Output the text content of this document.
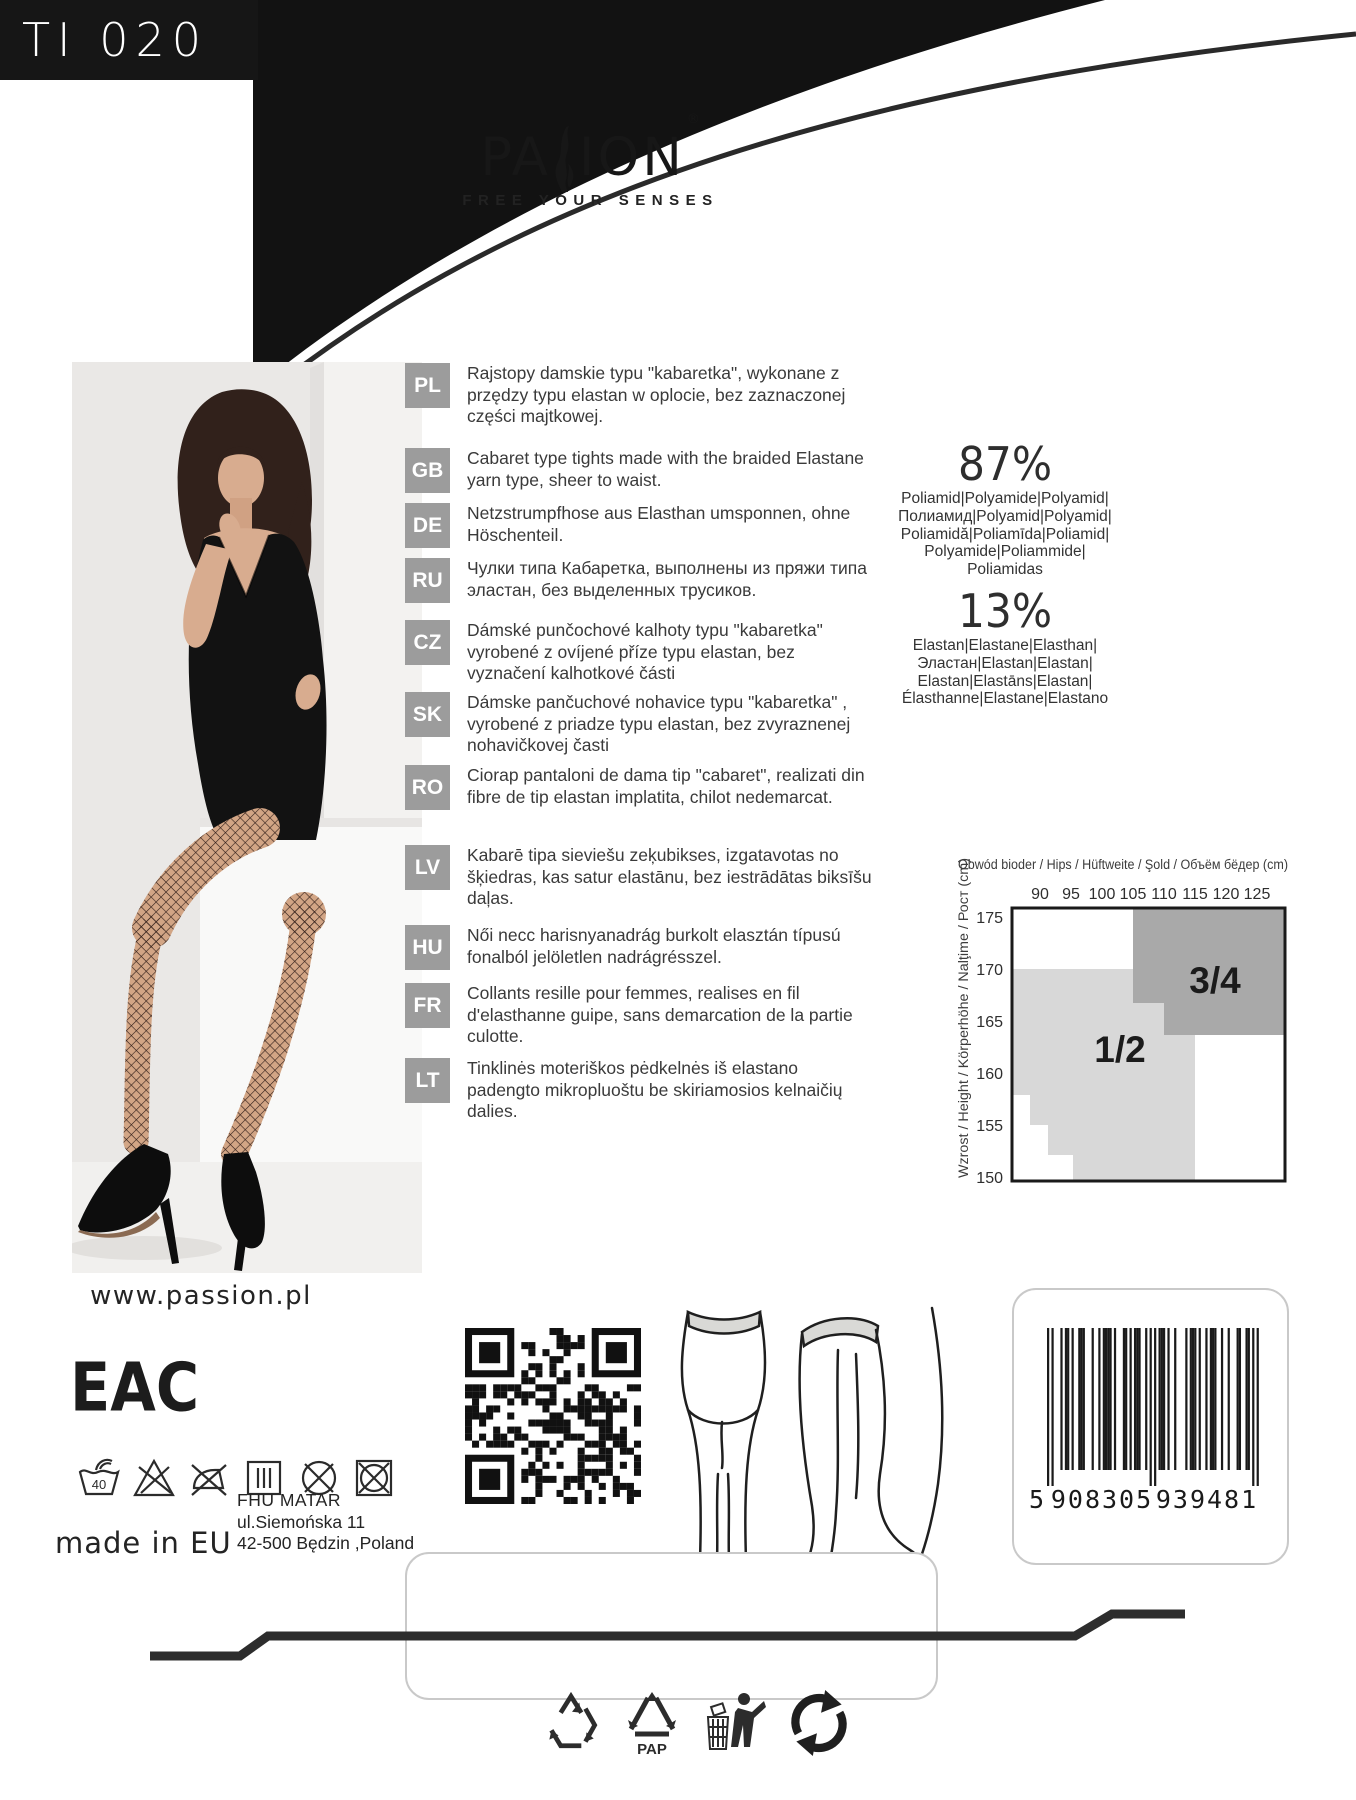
TI 020
PA ION
®
FREE YOUR SENSES
PL

Rajstopy damskie typu "kabaretka", wykonane z przędzy typu elastan w oplocie, bez zaznaczonej części majtkowej.

GB

Cabaret type tights made with the braided Elastane yarn type, sheer to waist.

DE

Netzstrumpfhose aus Elasthan umsponnen, ohne Höschenteil.

RU

Чулки типа Кабаретка, выполнены из пряжи типа эластан, без выделенных трусиков.

CZ

Dámské punčochové kalhoty typu "kabaretka" vyrobené z ovíjené příze typu elastan, bez vyznačení kalhotkové části

SK

Dámske pančuchové nohavice typu "kabaretka" , vyrobené z priadze typu elastan, bez zvyraznenej nohavičkovej časti

RO

Ciorap pantaloni de dama tip "cabaret", realizati din fibre de tip elastan implatita, chilot nedemarcat.

LV

Kabarē tipa sieviešu zeķubikses, izgatavotas no šķiedras, kas satur elastānu, bez iestrādātas biksīšu daļas.

HU

Női necc harisnyanadrág burkolt elasztán típusú fonalból jelöletlen nadrágrésszel.

FR

Collants resille pour femmes, realises en fil d'elasthanne guipe, sans demarcation de la partie culotte.

LT

Tinklinės moteriškos pėdkelnės iš elastano padengto mikropluoštu be skiriamosios kelnaičių dalies.

87%
Poliamid|Polyamide|Polyamid|
Полиамид|Polyamid|Polyamid|
Poliamidă|Poliamīda|Poliamid|
Polyamide|Poliammide|
Poliamidas
13%
Elastan|Elastane|Elasthan|
Эластан|Elastan|Elastan|
Elastan|Elastāns|Elastan|
Élasthanne|Elastane|Elastano
Obwód bioder / Hips / Hüftweite / Şold / Объём бёдер (cm)
90 95 100 105 110 115 120 125
175
170
165
160
155
150
Wzrost / Height / Körperhöhe / Nalţime / Рост (cm)	1/2
3/4
www.passion.pl
EAC
40
made in EU
FHU MATAR
ul.Siemońska 11
42-500 Będzin ,Poland
5 908305 939481
PAP
